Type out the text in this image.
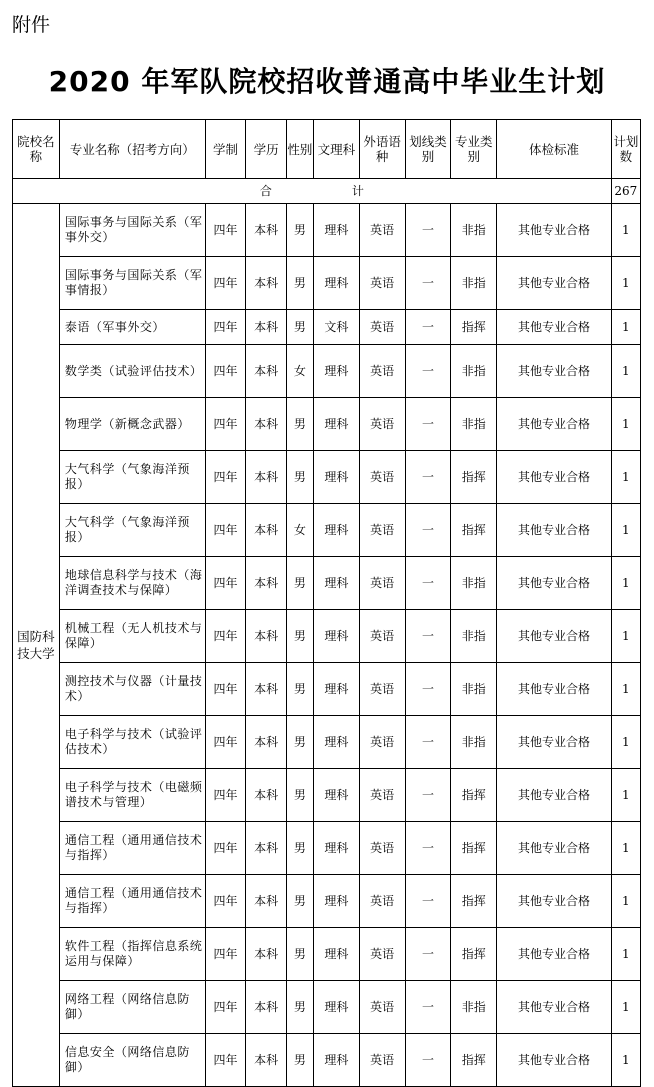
附件
2020 年军队院校招收普通高中毕业生计划
院校名称	专业名称（招考方向）	学制	学历	性别	文理科	外语语种	划线类别	专业类别	体检标准	计划数
合 计										267
国防科技大学	国际事务与国际关系（军事外交）	四年	本科	男	理科	英语	一	非指	其他专业合格	1
	国际事务与国际关系（军事情报）	四年	本科	男	理科	英语	一	非指	其他专业合格	1
	泰语（军事外交）	四年	本科	男	文科	英语	一	指挥	其他专业合格	1
	数学类（试验评估技术）	四年	本科	女	理科	英语	一	非指	其他专业合格	1
	物理学（新概念武器）	四年	本科	男	理科	英语	一	非指	其他专业合格	1
	大气科学（气象海洋预报）	四年	本科	男	理科	英语	一	指挥	其他专业合格	1
	大气科学（气象海洋预报）	四年	本科	女	理科	英语	一	指挥	其他专业合格	1
	地球信息科学与技术（海洋调查技术与保障）	四年	本科	男	理科	英语	一	非指	其他专业合格	1
	机械工程（无人机技术与保障）	四年	本科	男	理科	英语	一	非指	其他专业合格	1
	测控技术与仪器（计量技术）	四年	本科	男	理科	英语	一	非指	其他专业合格	1
	电子科学与技术（试验评估技术）	四年	本科	男	理科	英语	一	非指	其他专业合格	1
	电子科学与技术（电磁频谱技术与管理）	四年	本科	男	理科	英语	一	指挥	其他专业合格	1
	通信工程（通用通信技术与指挥）	四年	本科	男	理科	英语	一	指挥	其他专业合格	1
	通信工程（通用通信技术与指挥）	四年	本科	男	理科	英语	一	指挥	其他专业合格	1
	软件工程（指挥信息系统运用与保障）	四年	本科	男	理科	英语	一	指挥	其他专业合格	1
	网络工程（网络信息防御）	四年	本科	男	理科	英语	一	非指	其他专业合格	1
	信息安全（网络信息防御）	四年	本科	男	理科	英语	一	指挥	其他专业合格	1
